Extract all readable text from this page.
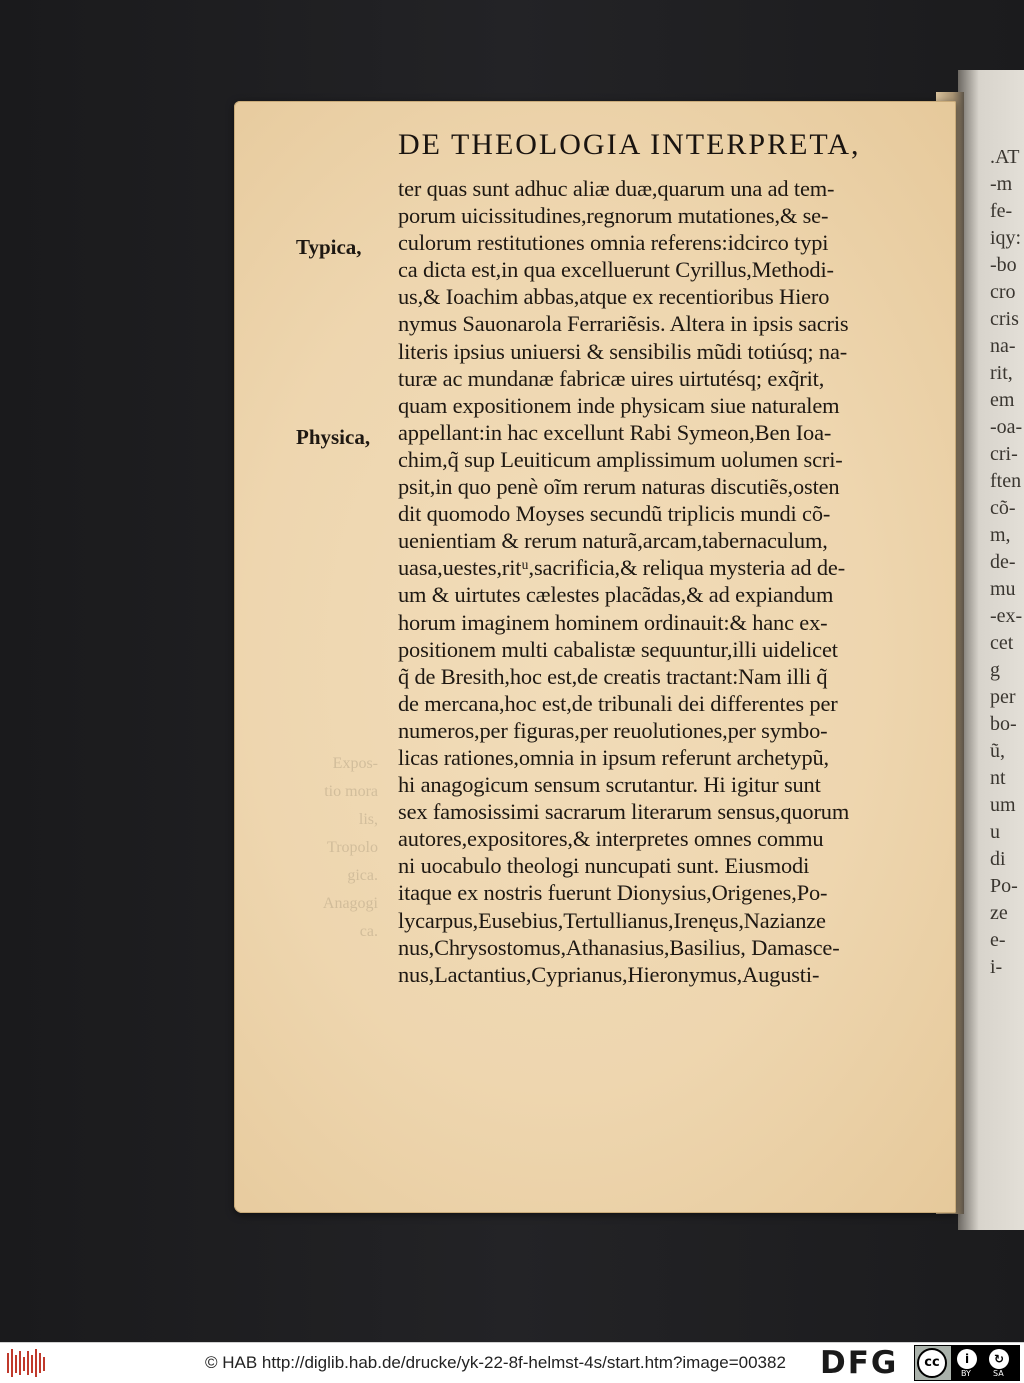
.AT
-m
fe-
iqy:
-bo
cro
cris
na-
rit,
em
-oa-
cri-
ften
cõ-
m,
de-
mu
-ex-
cet
g
per
bo-
ũ,
nt
um
u
di
Po-
ze
e-
i-
DE THEOLOGIA INTERPRETA,
Typica,
Physica,
Expos-
tio mora
lis,
Tropolo
gica.
Anagogi
ca.
ter quas sunt adhuc aliæ duæ,quarum una ad tem-
porum uicissitudines,regnorum mutationes,& se-
culorum restitutiones omnia referens:idcirco typi
ca dicta est,in qua excelluerunt Cyrillus,Methodi-
us,& Ioachim abbas,atque ex recentioribus Hiero
nymus Sauonarola Ferrariẽsis. Altera in ipsis sacris
literis ipsius uniuersi & sensibilis mũdi totiúsq; na-
turæ ac mundanæ fabricæ uires uirtutésq; exq̃rit,
quam expositionem inde physicam siue naturalem
appellant:in hac excellunt Rabi Symeon,Ben Ioa-
chim,q̃ sup Leuiticum amplissimum uolumen scri-
psit,in quo penè oĩm rerum naturas discutiẽs,osten
dit quomodo Moyses secundũ triplicis mundi cõ-
uenientiam & rerum naturã,arcam,tabernaculum,
uasa,uestes,ritᵘ,sacrificia,& reliqua mysteria ad de-
um & uirtutes cælestes placãdas,& ad expiandum
horum imaginem hominem ordinauit:& hanc ex-
positionem multi cabalistæ sequuntur,illi uidelicet
q̃ de Bresith,hoc est,de creatis tractant:Nam illi q̃
de mercana,hoc est,de tribunali dei differentes per
numeros,per figuras,per reuolutiones,per symbo-
licas rationes,omnia in ipsum referunt archetypũ,
hi anagogicum sensum scrutantur. Hi igitur sunt
sex famosissimi sacrarum literarum sensus,quorum
autores,expositores,& interpretes omnes commu
ni uocabulo theologi nuncupati sunt. Eiusmodi
itaque ex nostris fuerunt Dionysius,Origenes,Po-
lycarpus,Eusebius,Tertullianus,Irenęus,Nazianze
nus,Chrysostomus,Athanasius,Basilius, Damasce-
nus,Lactantius,Cyprianus,Hieronymus,Augusti-
© HAB http://diglib.hab.de/drucke/yk-22-8f-helmst-4s/start.htm?image=00382 DFG	cc	i	↻
BY	SA
